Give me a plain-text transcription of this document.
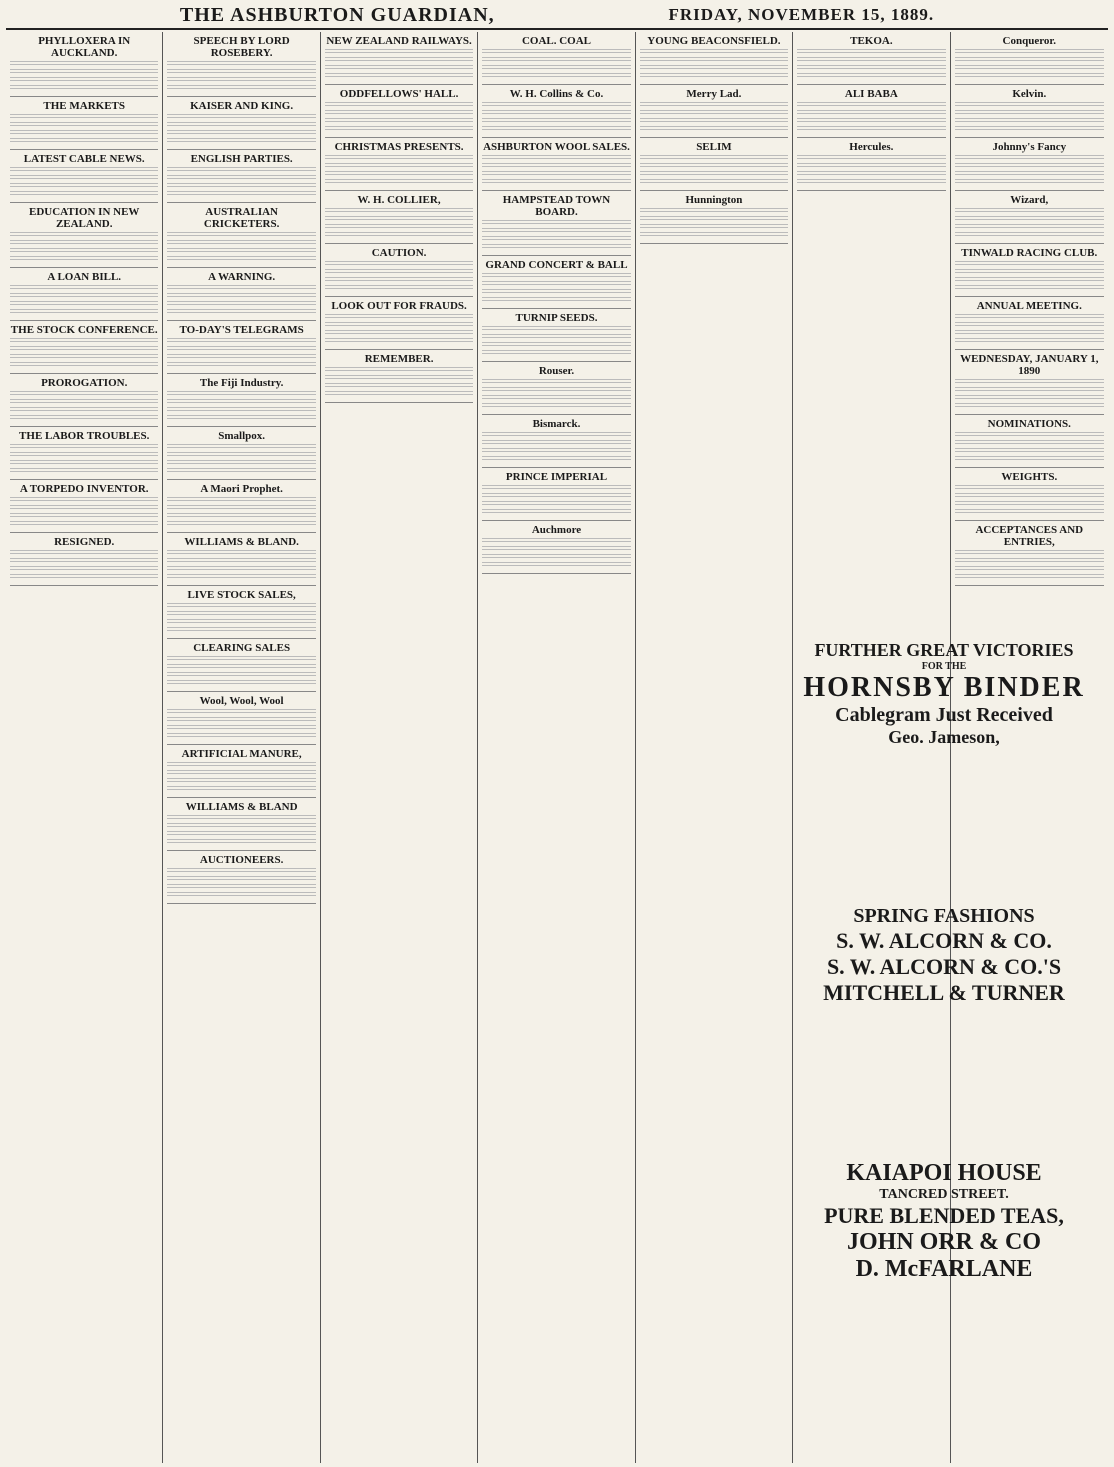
THE ASHBURTON GUARDIAN,	FRIDAY, NOVEMBER 15, 1889.
PHYLLOXERA IN AUCKLAND.
THE MARKETS
LATEST CABLE NEWS.
EDUCATION IN NEW ZEALAND.
A LOAN BILL.
THE STOCK CONFERENCE.
PROROGATION.
THE LABOR TROUBLES.
A TORPEDO INVENTOR.
RESIGNED.
SPEECH BY LORD ROSEBERY.
KAISER AND KING.
ENGLISH PARTIES.
AUSTRALIAN CRICKETERS.
A WARNING.
TO-DAY'S TELEGRAMS
The Fiji Industry.
Smallpox.
A Maori Prophet.
WILLIAMS & BLAND.
LIVE STOCK SALES,
CLEARING SALES
Wool, Wool, Wool
ARTIFICIAL MANURE,
WILLIAMS & BLAND
AUCTIONEERS.
NEW ZEALAND RAILWAYS.
ODDFELLOWS' HALL.
CHRISTMAS PRESENTS.
W. H. COLLIER,
CAUTION.
LOOK OUT FOR FRAUDS.
REMEMBER.
COAL. COAL
W. H. Collins & Co.
ASHBURTON WOOL SALES.
HAMPSTEAD TOWN BOARD.
GRAND CONCERT & BALL
TURNIP SEEDS.
Rouser.
Bismarck.
PRINCE IMPERIAL
Auchmore
YOUNG BEACONSFIELD.
Merry Lad.
SELIM
Hunnington
TEKOA.
ALI BABA
Hercules.
Conqueror.
Kelvin.
Johnny's Fancy
Wizard,
TINWALD RACING CLUB.
ANNUAL MEETING.
WEDNESDAY, JANUARY 1, 1890
NOMINATIONS.
WEIGHTS.
ACCEPTANCES AND ENTRIES,
FURTHER GREAT VICTORIES
FOR THE
HORNSBY BINDER
Cablegram Just Received
Geo. Jameson,
SPRING FASHIONS
S. W. ALCORN & CO.
S. W. ALCORN & CO.'S
MITCHELL & TURNER
KAIAPOI HOUSE
TANCRED STREET.
PURE BLENDED TEAS,
JOHN ORR & CO
D. McFARLANE
